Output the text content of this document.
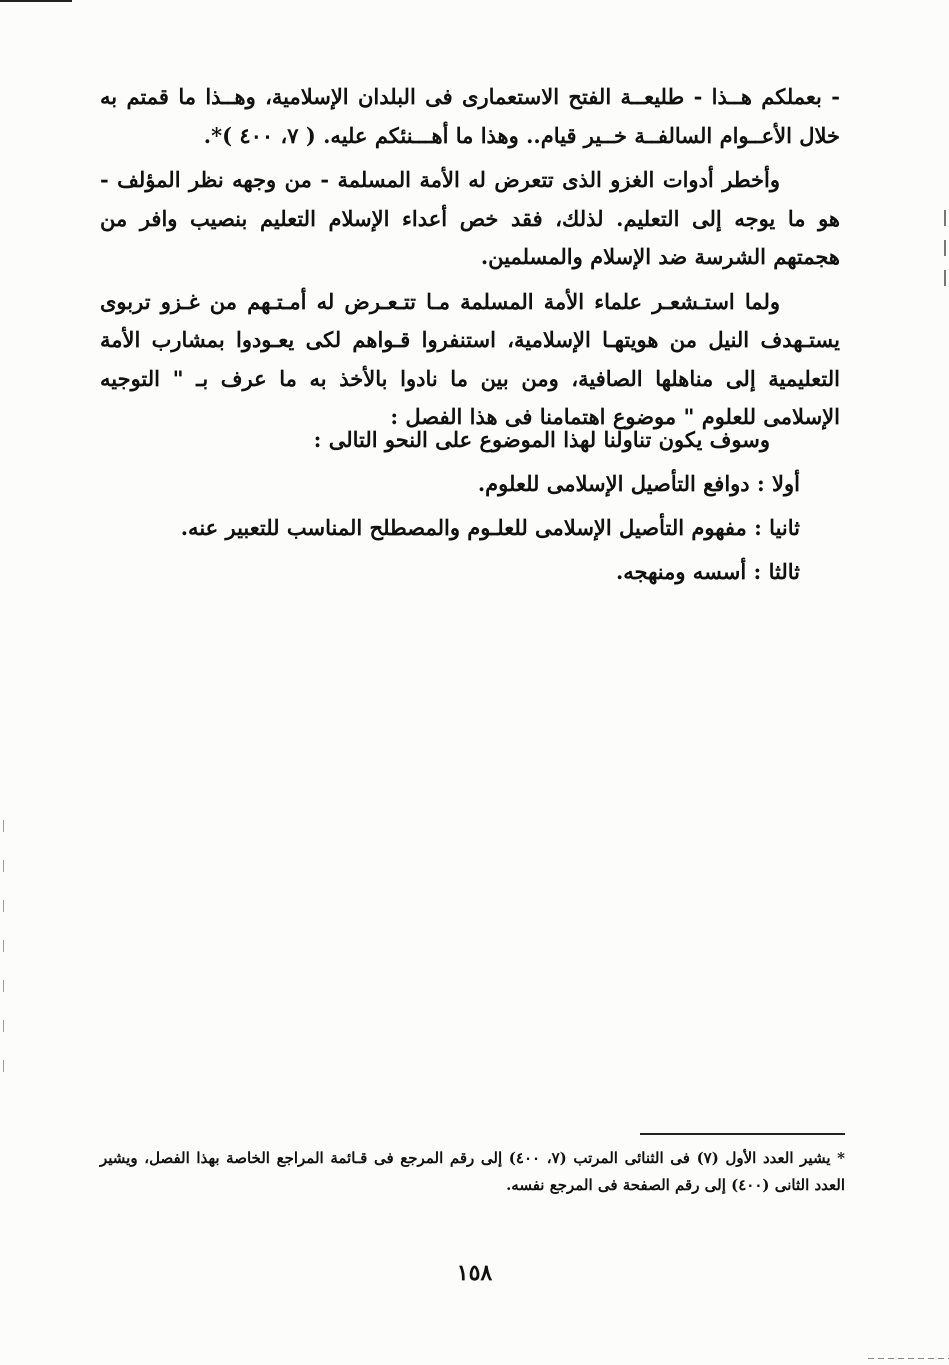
- بعملكم هــذا - طليعــة الفتح الاستعمارى فى البلدان الإسلامية، وهــذا ما قمتم به خلال الأعــوام السالفــة خــير قيام.. وهذا ما أهـــنئكم عليه. ( ٧، ٤٠٠ )*.

وأخطر أدوات الغزو الذى تتعرض له الأمة المسلمة - من وجهه نظر المؤلف - هو ما يوجه إلى التعليم. لذلك، فقد خص أعداء الإسلام التعليم بنصيب وافر من هجمتهم الشرسة ضد الإسلام والمسلمين.

ولما استـشعـر علماء الأمة المسلمة مـا تتـعـرض له أمـتـهم من غـزو تربوى يستـهدف النيل من هويتهـا الإسلامية، استنفروا قـواهم لكى يعـودوا بمشارب الأمة التعليمية إلى مناهلها الصافية، ومن بين ما نادوا بالأخذ به ما عرف بـ " التوجيه الإسلامى للعلوم " موضوع اهتمامنا فى هذا الفصل :

وسوف يكون تناولنا لهذا الموضوع على النحو التالى :
أولا : دوافع التأصيل الإسلامى للعلوم.
ثانيا : مفهوم التأصيل الإسلامى للعلـوم والمصطلح المناسب للتعبير عنه.
ثالثا : أسسه ومنهجه.
* يشير العدد الأول (٧) فى الثنائى المرتب (٧، ٤٠٠) إلى رقم المرجع فى قـائمة المراجع الخاصة بهذا الفصل، ويشير العدد الثانى (٤٠٠) إلى رقم الصفحة فى المرجع نفسه.
١٥٨
